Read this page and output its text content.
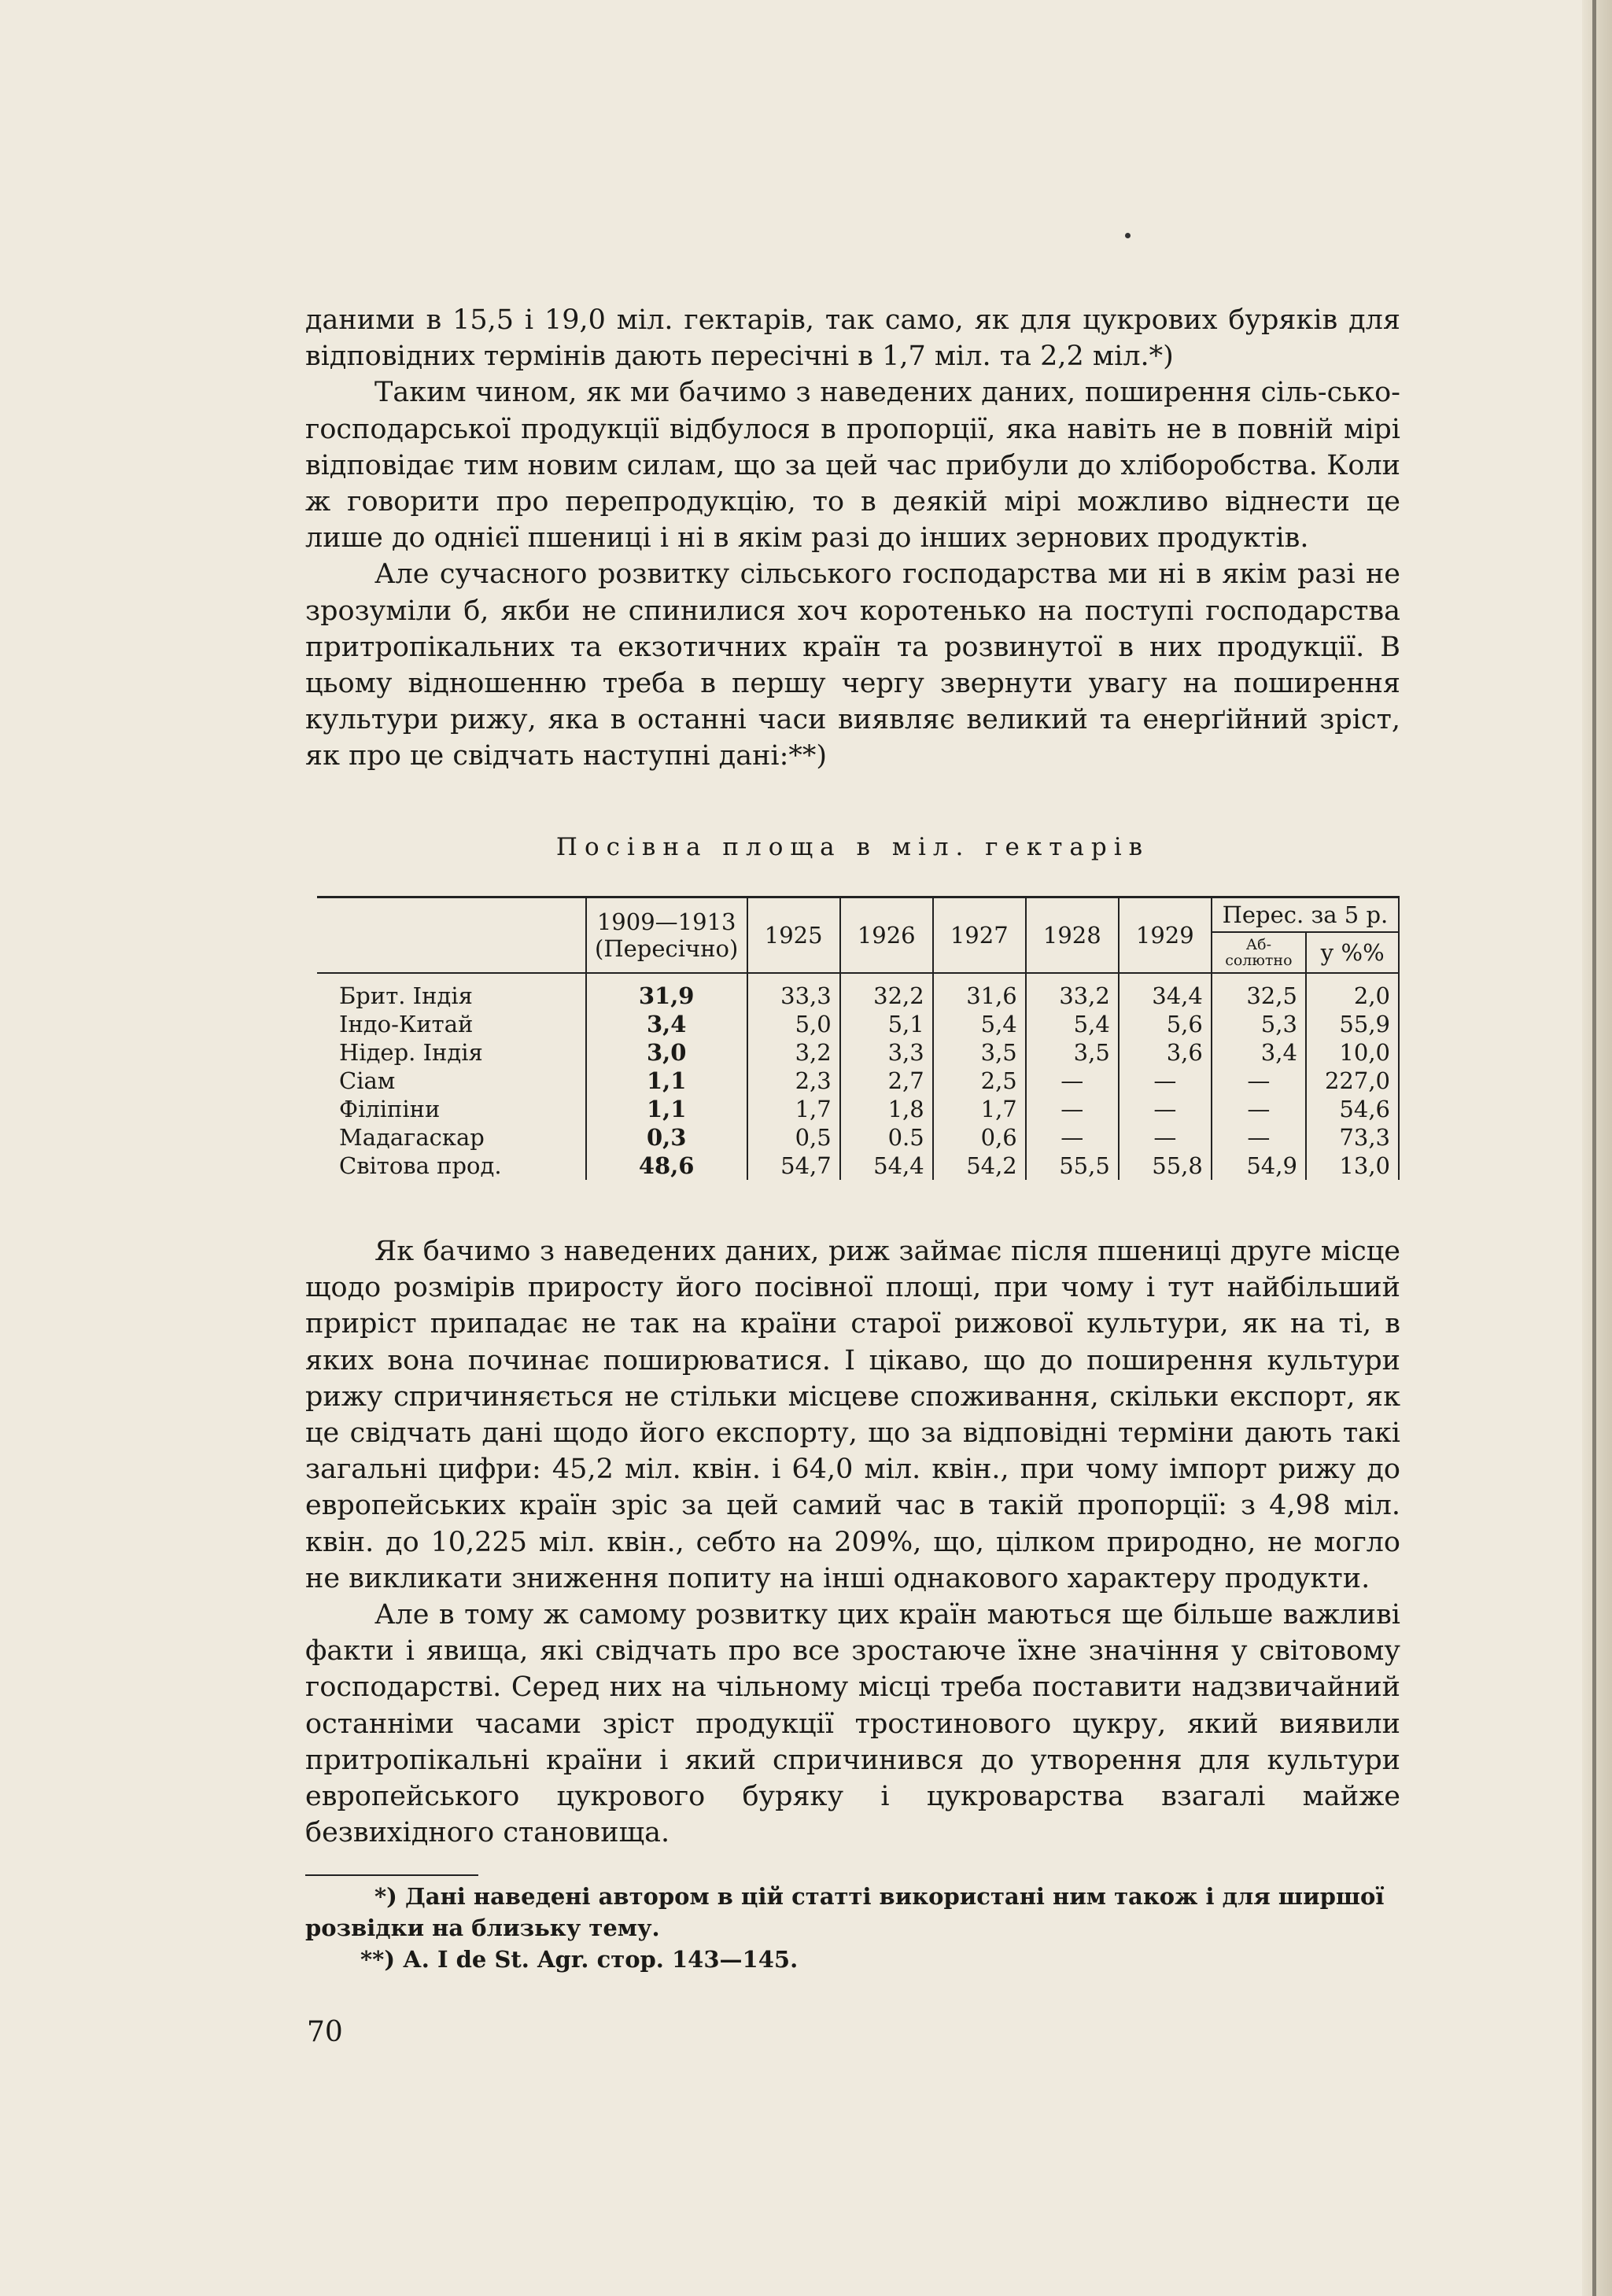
даними в 15,5 і 19,0 міл. гектарів, так само, як для цукрових буряків для відповідних термінів дають пересічні в 1,7 міл. та 2,2 міл.*)

Таким чином, як ми бачимо з наведених даних, поширення сіль-сько-господарської продукції відбулося в пропорції, яка навіть не в повній мірі відповідає тим новим силам, що за цей час прибули до хліборобства. Коли ж говорити про перепродукцію, то в деякій мірі можливо віднести це лише до однієї пшениці і ні в якім разі до інших зернових продуктів.

Але сучасного розвитку сільського господарства ми ні в якім разі не зрозуміли б, якби не спинилися хоч коротенько на поступі господарства притропікальних та екзотичних країн та розвинутої в них продукції. В цьому відношенню треба в першу чергу звернути увагу на поширення культури рижу, яка в останні часи виявляє великий та енерґійний зріст, як про це свідчать наступні дані:**)

Посівна площа в міл. гектарів
	1909—1913 (Пересічно)	1925	1926	1927	1928	1929	Перес. за 5 р.	
							Аб-солютно	у %%
Брит. Індія	31,9	33,3	32,2	31,6	33,2	34,4	32,5	2,0
Індо-Китай	3,4	5,0	5,1	5,4	5,4	5,6	5,3	55,9
Нідер. Індія	3,0	3,2	3,3	3,5	3,5	3,6	3,4	10,0
Сіам	1,1	2,3	2,7	2,5	—	—	—	227,0
Філіпіни	1,1	1,7	1,8	1,7	—	—	—	54,6
Мадагаскар	0,3	0,5	0.5	0,6	—	—	—	73,3
Світова прод.	48,6	54,7	54,4	54,2	55,5	55,8	54,9	13,0

Як бачимо з наведених даних, риж займає після пшениці друге місце щодо розмірів приросту його посівної площі, при чому і тут найбільший приріст припадає не так на країни старої рижової культури, як на ті, в яких вона починає поширюватися. І цікаво, що до поширення культури рижу спричиняється не стільки місцеве споживання, скільки експорт, як це свідчать дані щодо його експорту, що за відповідні терміни дають такі загальні цифри: 45,2 міл. квін. і 64,0 міл. квін., при чому імпорт рижу до европейських країн зріс за цей самий час в такій пропорції: з 4,98 міл. квін. до 10,225 міл. квін., себто на 209%, що, цілком природно, не могло не викликати зниження попиту на інші однакового характеру продукти.

Але в тому ж самому розвитку цих країн маються ще більше важливі факти і явища, які свідчать про все зростаюче їхне значіння у світовому господарстві. Серед них на чільному місці треба поставити надзвичайний останніми часами зріст продукції тростинового цукру, який виявили притропікальні країни і який спричинився до утворення для культури европейського цукрового буряку і цукроварства взагалі майже безвихідного становища.

*) Дані наведені автором в цій статті використані ним також і для ширшої розвідки на близьку тему.
**) А. I de St. Agr. стор. 143—145.
70
